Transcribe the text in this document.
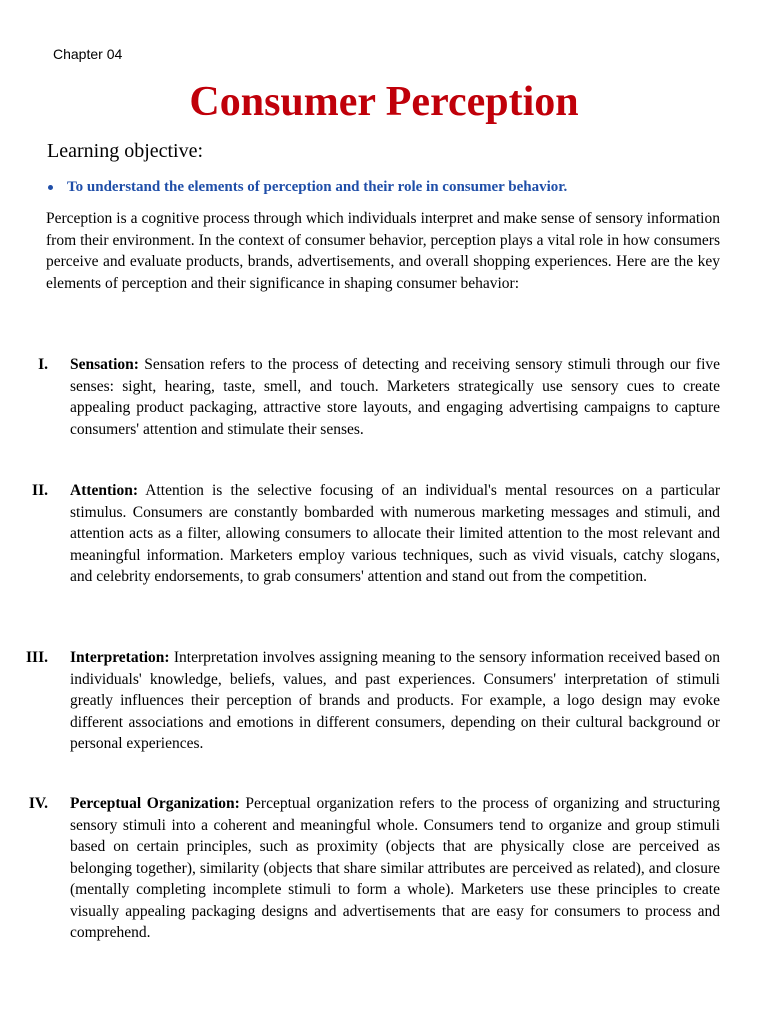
Chapter 04
Consumer Perception
Learning objective:
To understand the elements of perception and their role in consumer behavior.

Perception is a cognitive process through which individuals interpret and make sense of sensory information from their environment. In the context of consumer behavior, perception plays a vital role in how consumers perceive and evaluate products, brands, advertisements, and overall shopping experiences. Here are the key elements of perception and their significance in shaping consumer behavior:

I. Sensation: Sensation refers to the process of detecting and receiving sensory stimuli through our five senses: sight, hearing, taste, smell, and touch. Marketers strategically use sensory cues to create appealing product packaging, attractive store layouts, and engaging advertising campaigns to capture consumers' attention and stimulate their senses.

II. Attention: Attention is the selective focusing of an individual's mental resources on a particular stimulus. Consumers are constantly bombarded with numerous marketing messages and stimuli, and attention acts as a filter, allowing consumers to allocate their limited attention to the most relevant and meaningful information. Marketers employ various techniques, such as vivid visuals, catchy slogans, and celebrity endorsements, to grab consumers' attention and stand out from the competition.

III. Interpretation: Interpretation involves assigning meaning to the sensory information received based on individuals' knowledge, beliefs, values, and past experiences. Consumers' interpretation of stimuli greatly influences their perception of brands and products. For example, a logo design may evoke different associations and emotions in different consumers, depending on their cultural background or personal experiences.

IV. Perceptual Organization: Perceptual organization refers to the process of organizing and structuring sensory stimuli into a coherent and meaningful whole. Consumers tend to organize and group stimuli based on certain principles, such as proximity (objects that are physically close are perceived as belonging together), similarity (objects that share similar attributes are perceived as related), and closure (mentally completing incomplete stimuli to form a whole). Marketers use these principles to create visually appealing packaging designs and advertisements that are easy for consumers to process and comprehend.
